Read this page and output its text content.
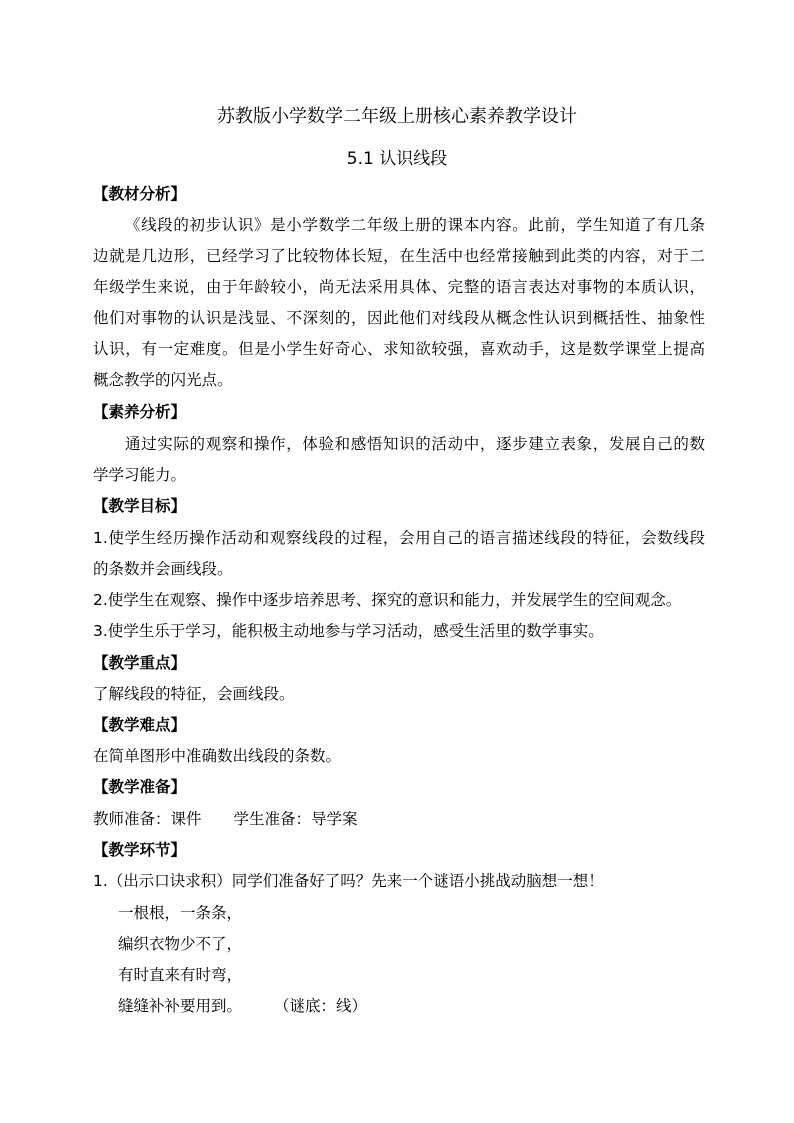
苏教版小学数学二年级上册核心素养教学设计
5.1 认识线段
【教材分析】
《线段的初步认识》是小学数学二年级上册的课本内容。此前，学生知道了有几条
边就是几边形，已经学习了比较物体长短，在生活中也经常接触到此类的内容，对于二
年级学生来说，由于年龄较小，尚无法采用具体、完整的语言表达对事物的本质认识，
他们对事物的认识是浅显、不深刻的，因此他们对线段从概念性认识到概括性、抽象性
认识，有一定难度。但是小学生好奇心、求知欲较强，喜欢动手，这是数学课堂上提高
概念教学的闪光点。
【素养分析】
通过实际的观察和操作，体验和感悟知识的活动中，逐步建立表象，发展自己的数
学学习能力。
【教学目标】
1.使学生经历操作活动和观察线段的过程，会用自己的语言描述线段的特征，会数线段
的条数并会画线段。
2.使学生在观察、操作中逐步培养思考、探究的意识和能力，并发展学生的空间观念。
3.使学生乐于学习，能积极主动地参与学习活动，感受生活里的数学事实。
【教学重点】
了解线段的特征，会画线段。
【教学难点】
在简单图形中准确数出线段的条数。
【教学准备】
教师准备：课件 学生准备：导学案
【教学环节】
1.（出示口诀求积）同学们准备好了吗？先来一个谜语小挑战动脑想一想！
一根根，一条条，
编织衣物少不了，
有时直来有时弯，
缝缝补补要用到。 （谜底：线）
